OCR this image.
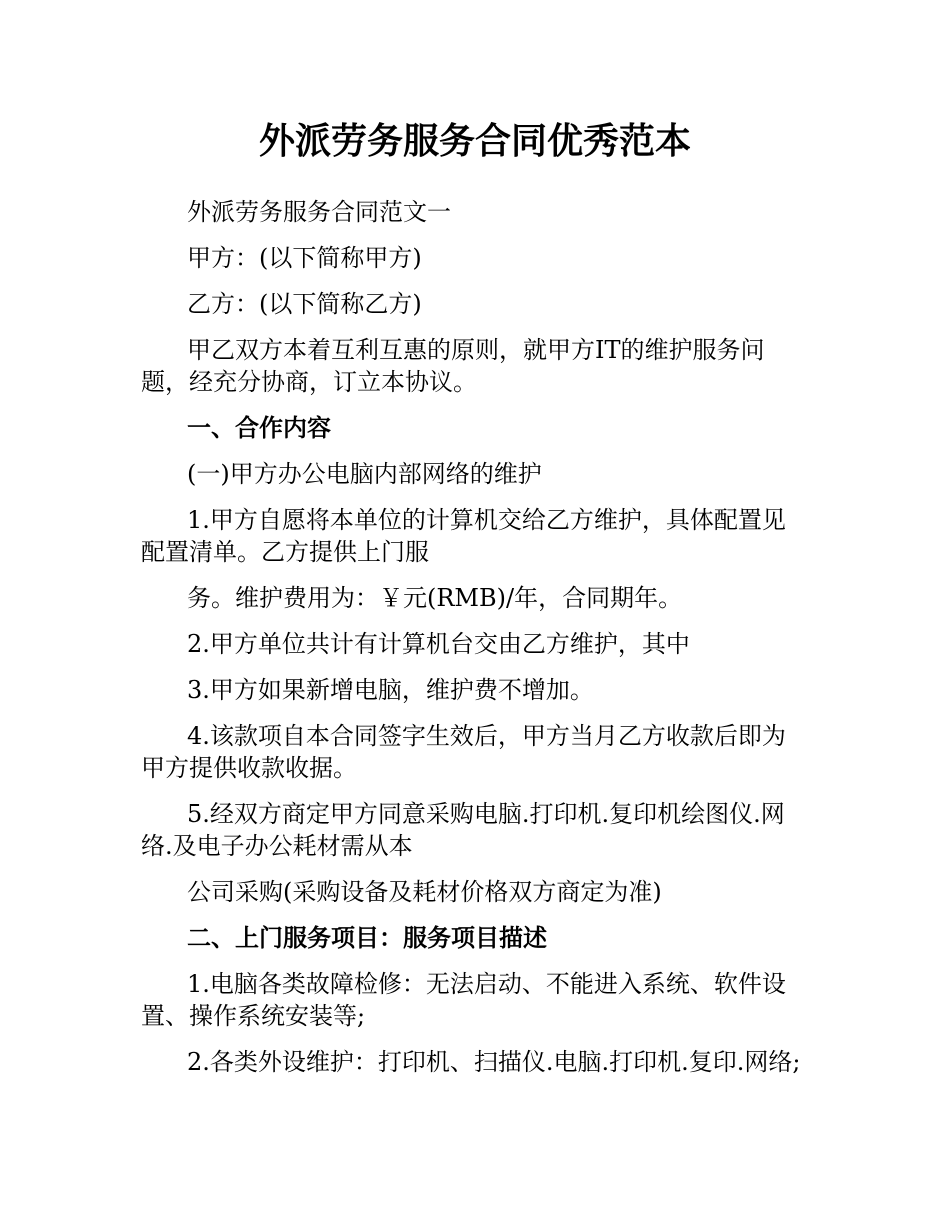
外派劳务服务合同优秀范本

外派劳务服务合同范文一

甲方：(以下简称甲方)

乙方：(以下简称乙方)

甲乙双方本着互利互惠的原则，就甲方IT的维护服务问题，经充分协商，订立本协议。

一、合作内容

(一)甲方办公电脑内部网络的维护

1.甲方自愿将本单位的计算机交给乙方维护，具体配置见配置清单。乙方提供上门服

务。维护费用为：￥元(RMB)/年，合同期年。

2.甲方单位共计有计算机台交由乙方维护，其中

3.甲方如果新增电脑，维护费不增加。

4.该款项自本合同签字生效后，甲方当月乙方收款后即为甲方提供收款收据。

5.经双方商定甲方同意采购电脑.打印机.复印机绘图仪.网络.及电子办公耗材需从本

公司采购(采购设备及耗材价格双方商定为准)

二、上门服务项目：服务项目描述

1.电脑各类故障检修：无法启动、不能进入系统、软件设置、操作系统安装等;

2.各类外设维护：打印机、扫描仪.电脑.打印机.复印.网络;
